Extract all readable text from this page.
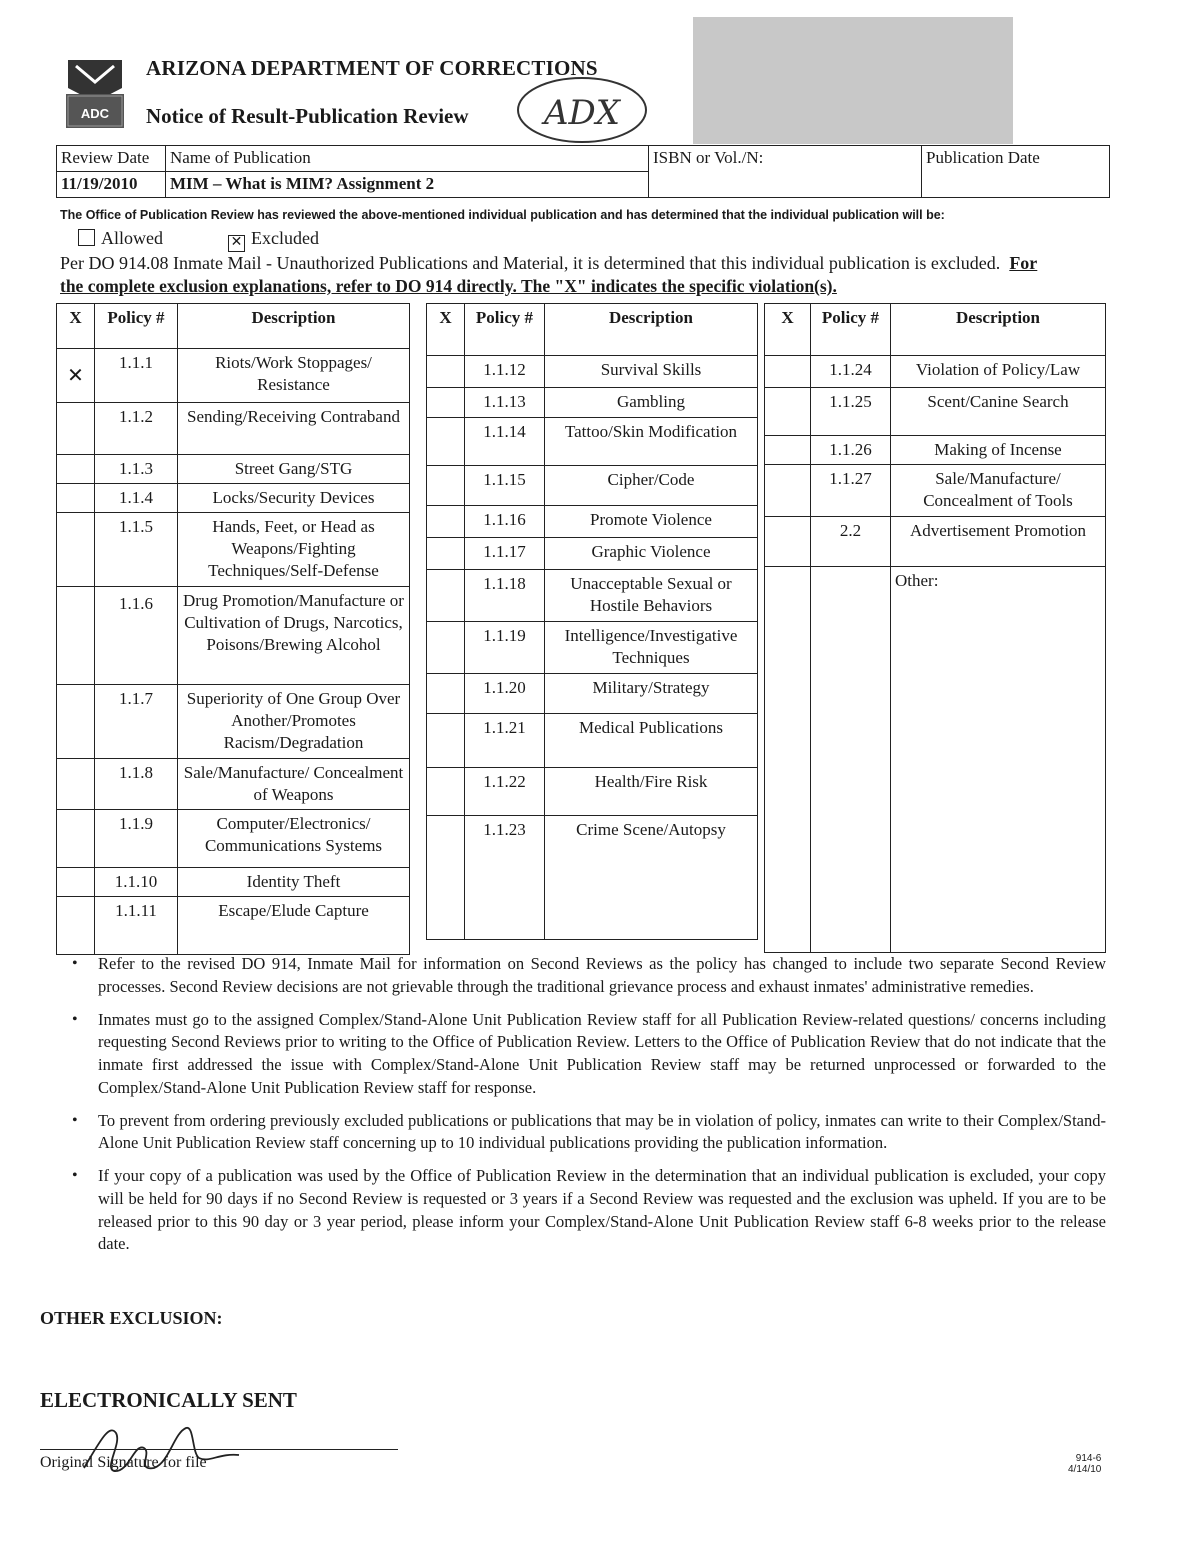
ADC
ARIZONA DEPARTMENT OF CORRECTIONS
Notice of Result-Publication Review ADX
Review Date	Name of Publication	ISBN or Vol./N:	Publication Date

11/19/2010	MIM – What is MIM? Assignment 2		
The Office of Publication Review has reviewed the above-mentioned individual publication and has determined that the individual publication will be:
Allowed	✕ Excluded
Per DO 914.08 Inmate Mail - Unauthorized Publications and Material, it is determined that this individual publication is excluded. For
the complete exclusion explanations, refer to DO 914 directly. The "X" indicates the specific violation(s).
X	Policy #	Description
✕	1.1.1	Riots/Work Stoppages/ Resistance
	1.1.2	Sending/Receiving Contraband
	1.1.3	Street Gang/STG
	1.1.4	Locks/Security Devices
	1.1.5	Hands, Feet, or Head as Weapons/Fighting Techniques/Self-Defense
	1.1.6	Drug Promotion/Manufacture or Cultivation of Drugs, Narcotics, Poisons/Brewing Alcohol
	1.1.7	Superiority of One Group Over Another/Promotes Racism/Degradation
	1.1.8	Sale/Manufacture/ Concealment of Weapons
	1.1.9	Computer/Electronics/ Communications Systems
	1.1.10	Identity Theft
	1.1.11	Escape/Elude Capture
X	Policy #	Description
	1.1.12	Survival Skills
	1.1.13	Gambling
	1.1.14	Tattoo/Skin Modification
	1.1.15	Cipher/Code
	1.1.16	Promote Violence
	1.1.17	Graphic Violence
	1.1.18	Unacceptable Sexual or Hostile Behaviors
	1.1.19	Intelligence/Investigative Techniques
	1.1.20	Military/Strategy
	1.1.21	Medical Publications
	1.1.22	Health/Fire Risk
	1.1.23	Crime Scene/Autopsy
X	Policy #	Description
	1.1.24	Violation of Policy/Law
	1.1.25	Scent/Canine Search
	1.1.26	Making of Incense
	1.1.27	Sale/Manufacture/ Concealment of Tools
	2.2	Advertisement Promotion
		Other:
• Refer to the revised DO 914, Inmate Mail for information on Second Reviews as the policy has changed to include two separate Second Review processes. Second Review decisions are not grievable through the traditional grievance process and exhaust inmates' administrative remedies.
• Inmates must go to the assigned Complex/Stand-Alone Unit Publication Review staff for all Publication Review-related questions/ concerns including requesting Second Reviews prior to writing to the Office of Publication Review. Letters to the Office of Publication Review that do not indicate that the inmate first addressed the issue with Complex/Stand-Alone Unit Publication Review staff may be returned unprocessed or forwarded to the Complex/Stand-Alone Unit Publication Review staff for response.
• To prevent from ordering previously excluded publications or publications that may be in violation of policy, inmates can write to their Complex/Stand-Alone Unit Publication Review staff concerning up to 10 individual publications providing the publication information.
• If your copy of a publication was used by the Office of Publication Review in the determination that an individual publication is excluded, your copy will be held for 90 days if no Second Review is requested or 3 years if a Second Review was requested and the exclusion was upheld. If you are to be released prior to this 90 day or 3 year period, please inform your Complex/Stand-Alone Unit Publication Review staff 6-8 weeks prior to the release date.
OTHER EXCLUSION:
ELECTRONICALLY SENT
Original Signature for file	914-6
4/14/10
